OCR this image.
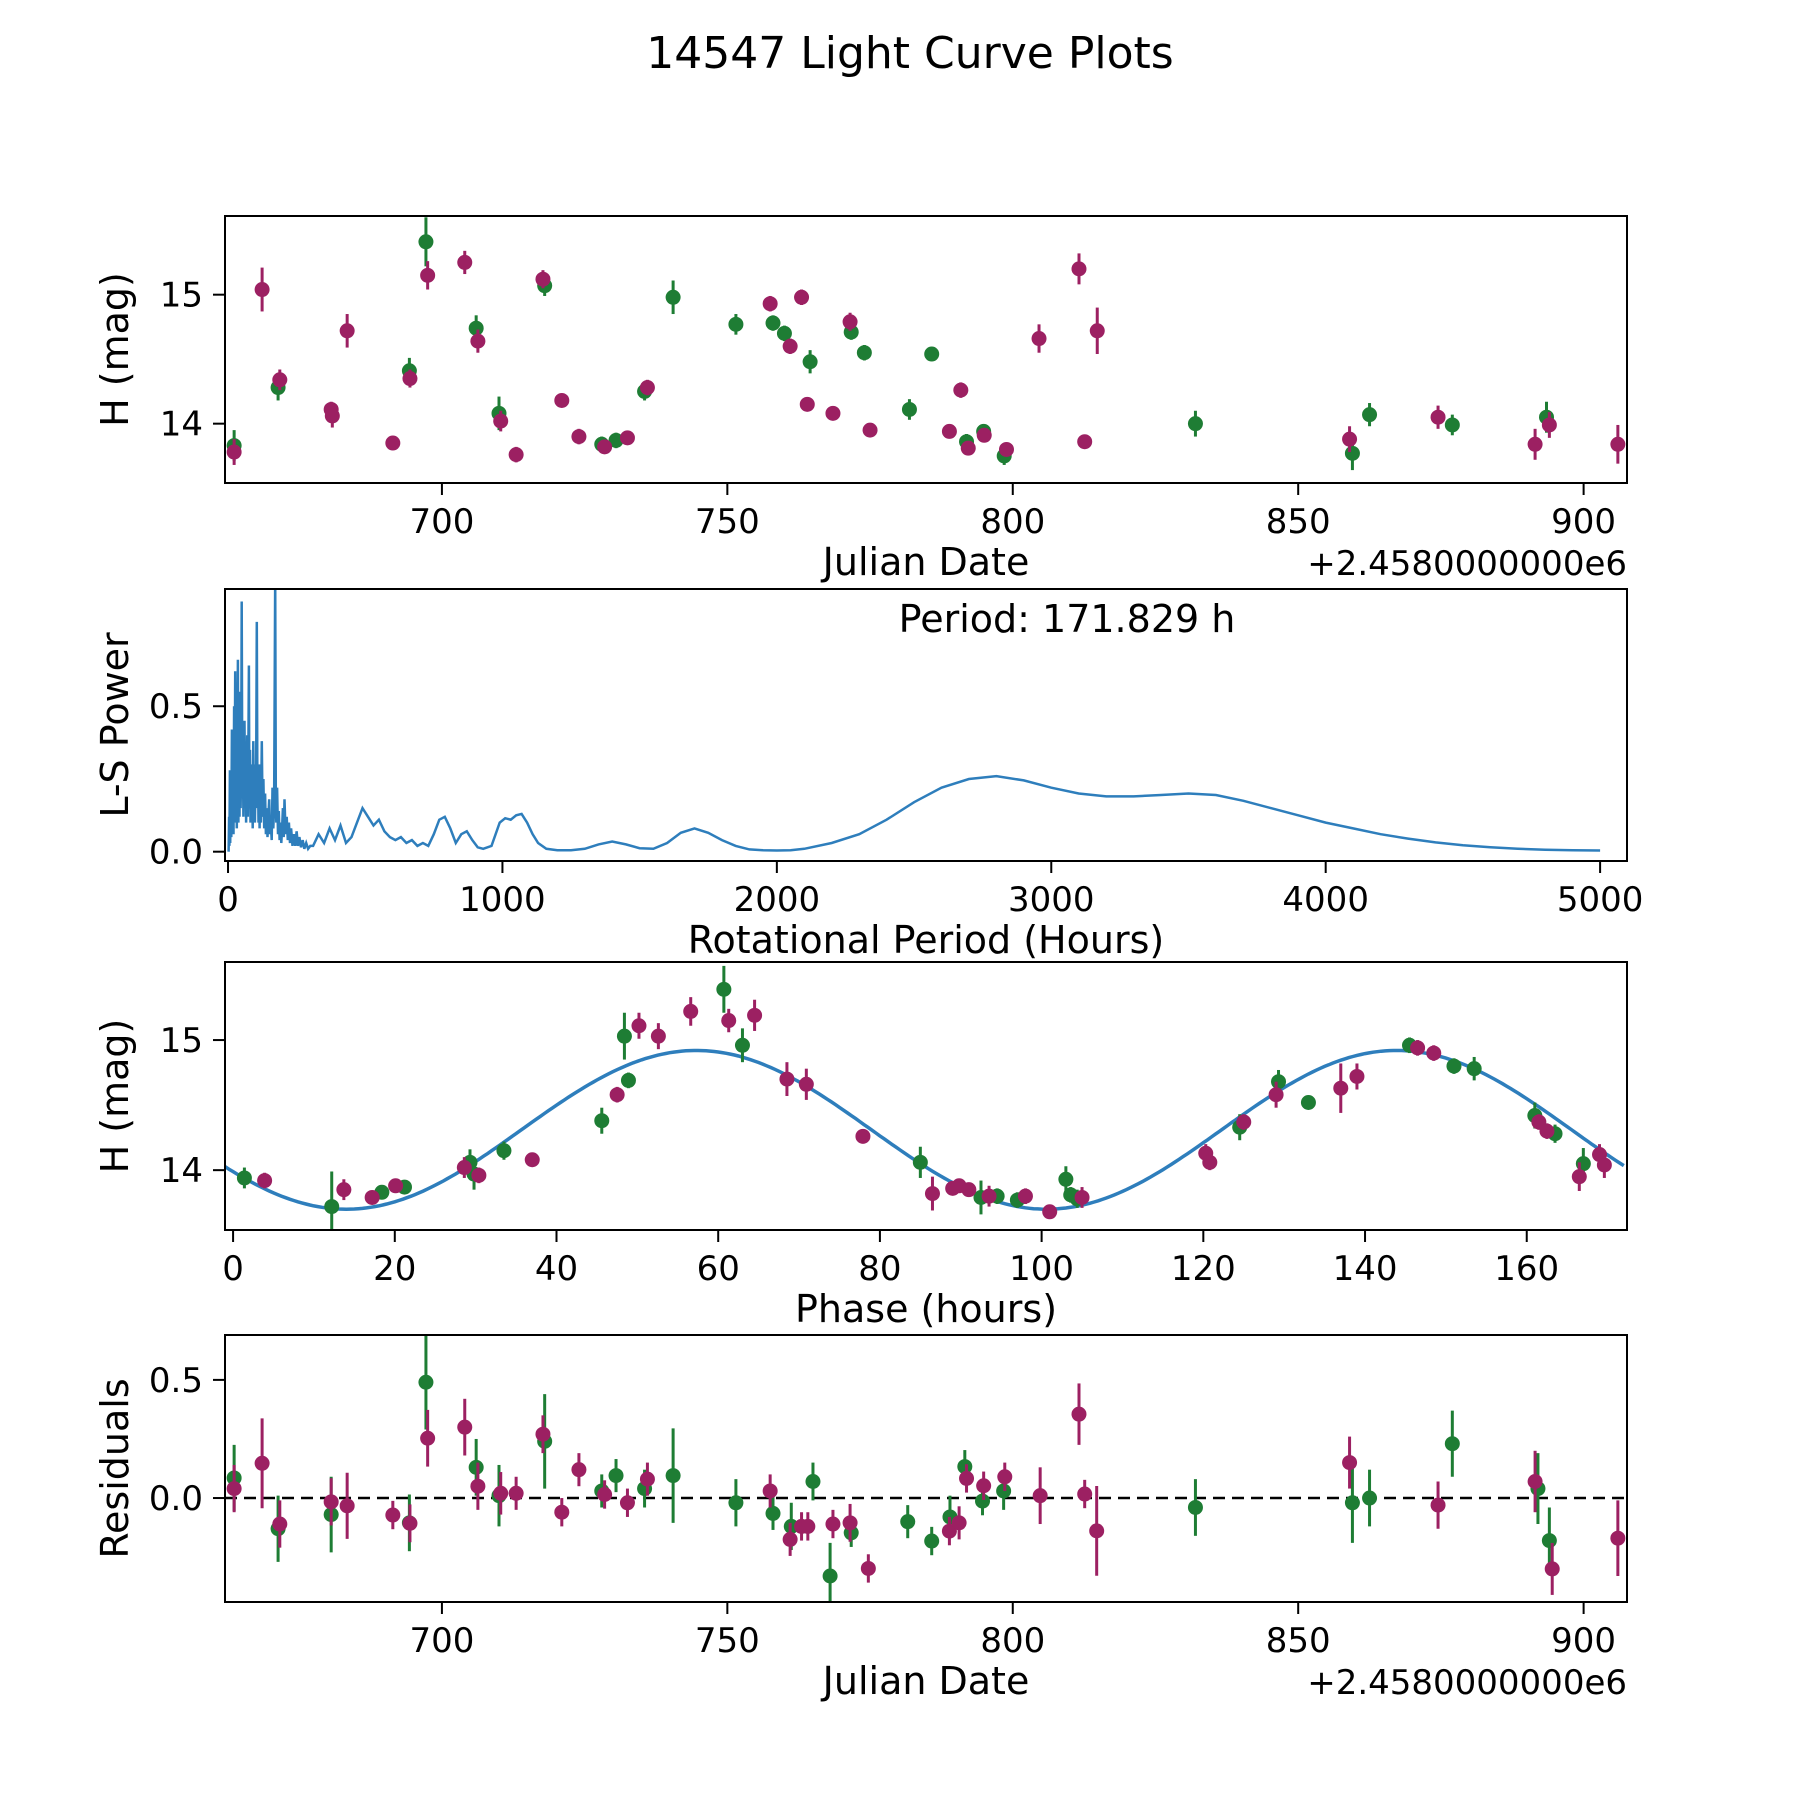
14547 Light Curve Plots
700	750	800	850	900
14
15
Julian Date
H (mag)
+2.4580000000e6
0	1000	2000	3000	4000	5000
0.0
0.5
Rotational Period (Hours)
L-S Power
Period: 171.829 h
0	20	40	60	80	100	120	140	160
14
15
Phase (hours)
H (mag)
700	750	800	850	900
0.0
0.5
Julian Date
Residuals
+2.4580000000e6
